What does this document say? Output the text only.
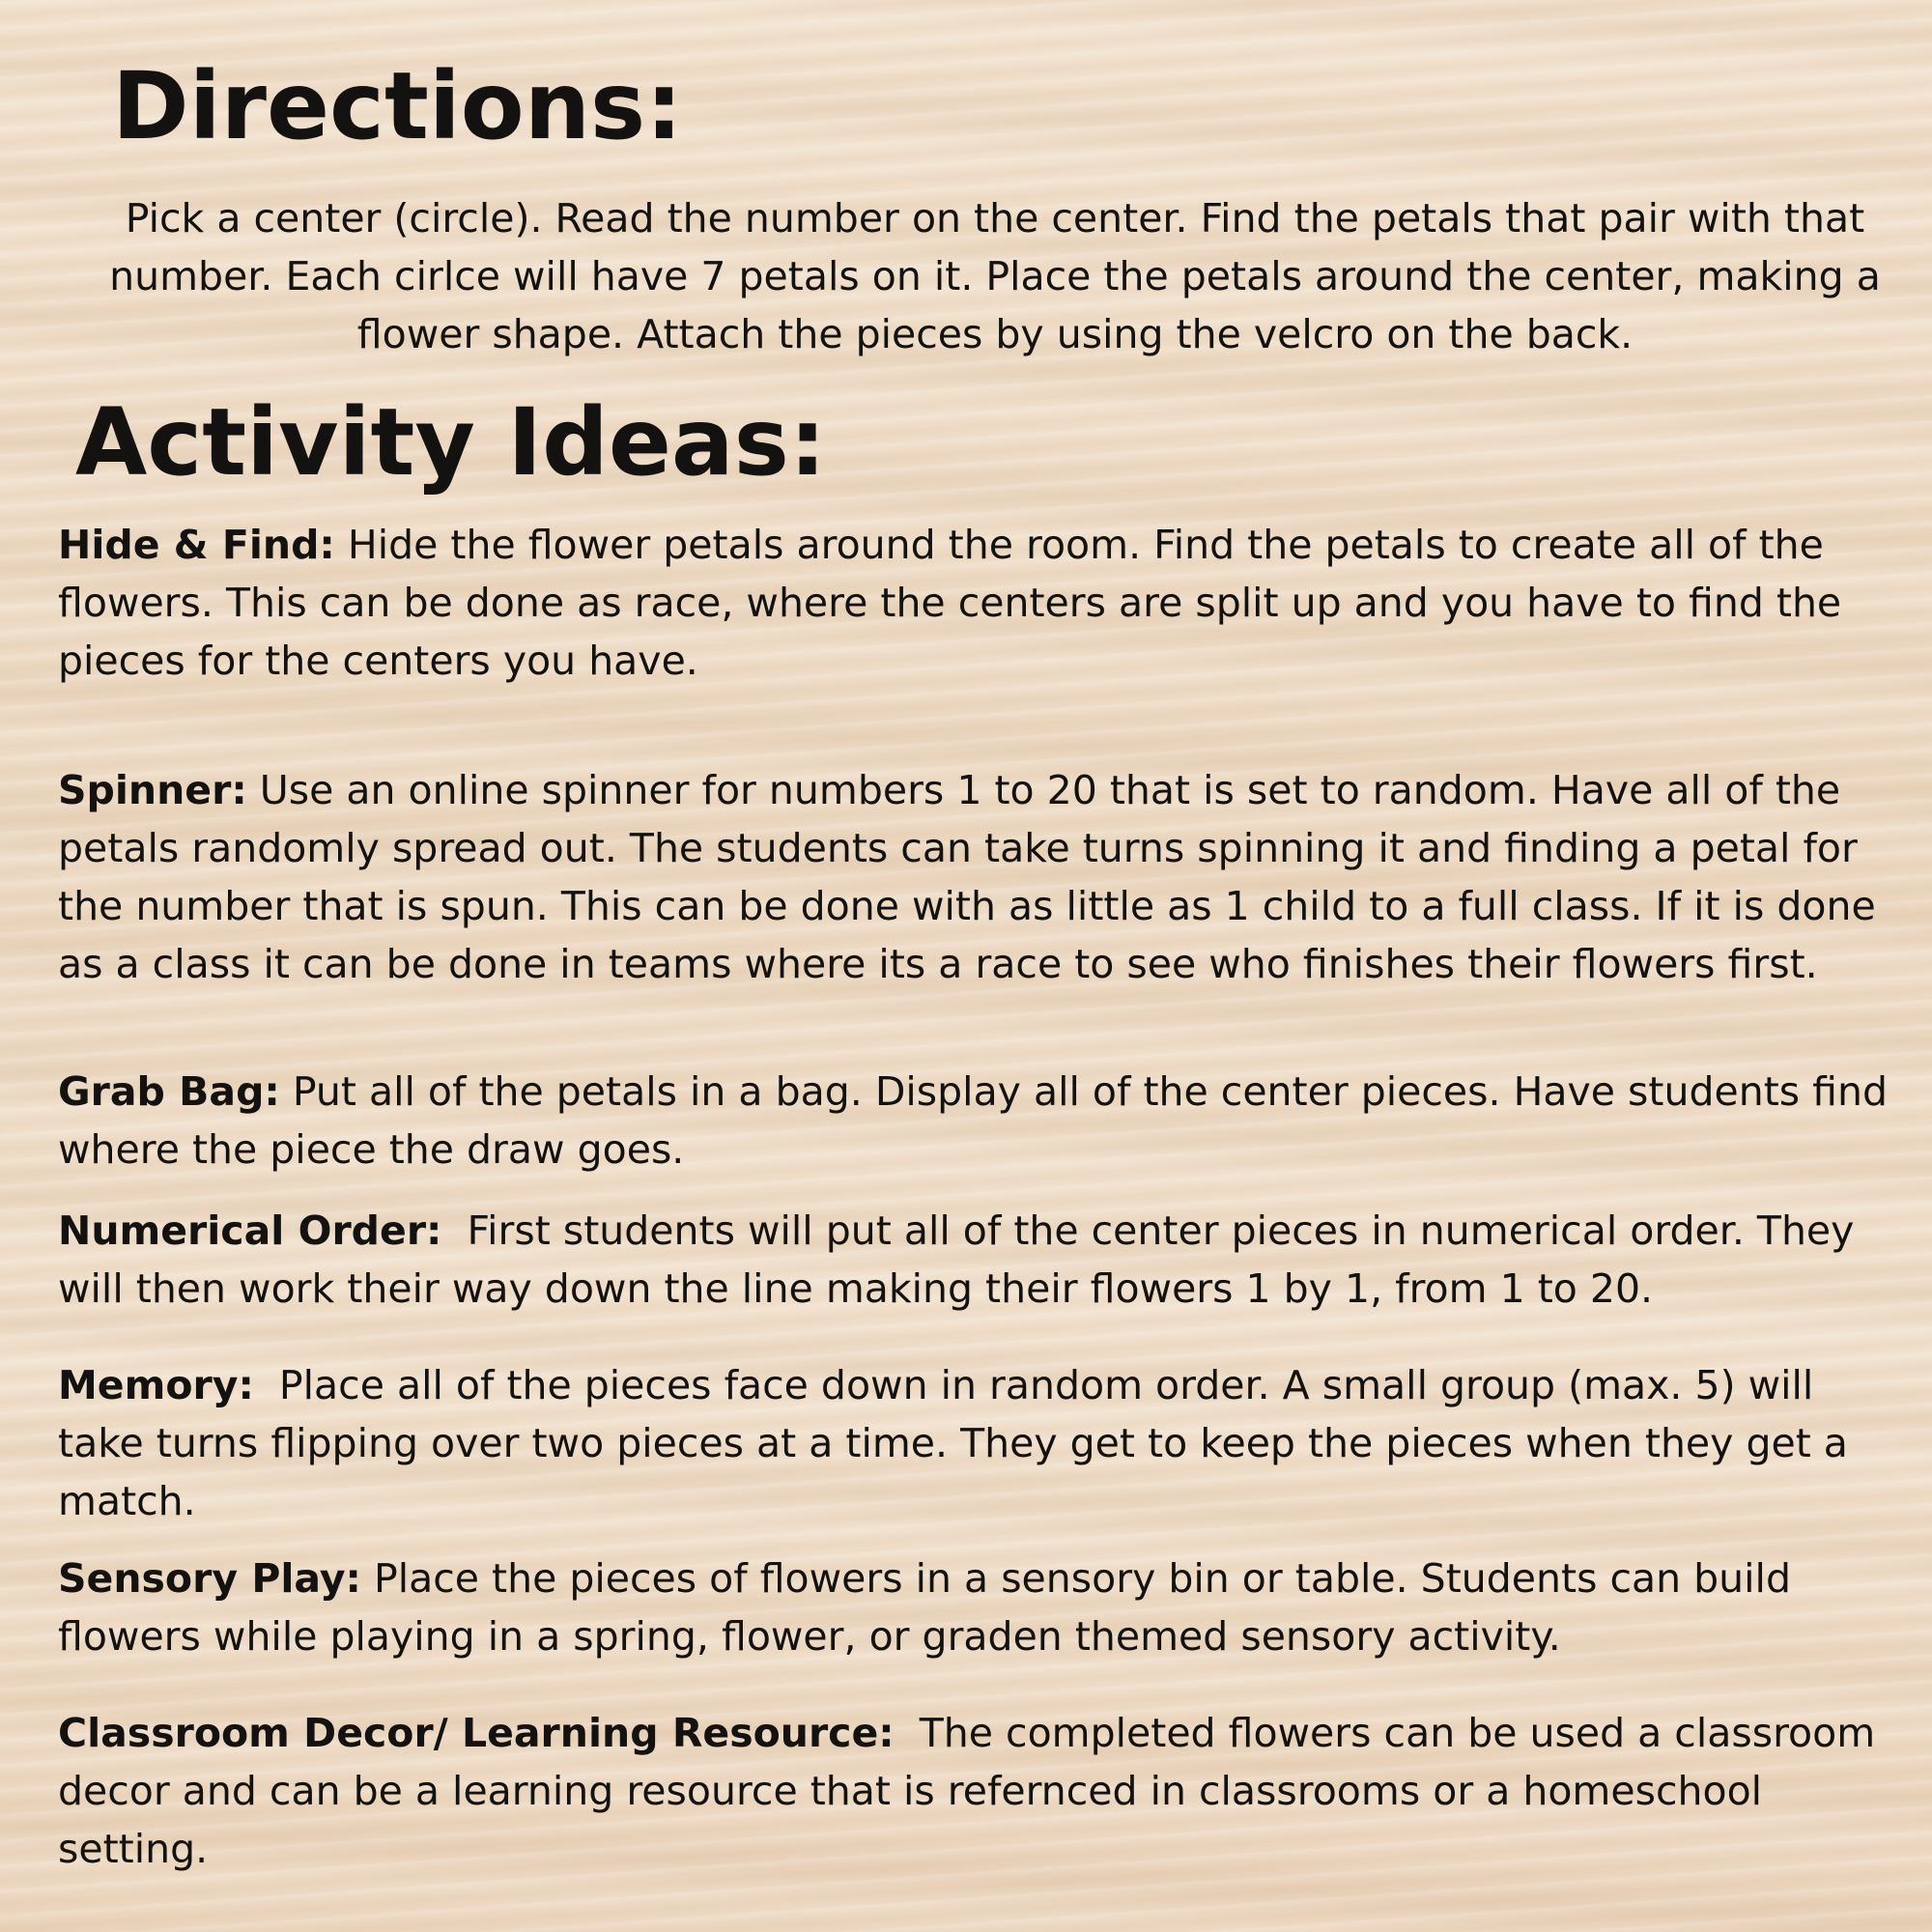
Directions:

Pick a center (circle). Read the number on the center. Find the petals that pair with that number. Each cirlce will have 7 petals on it. Place the petals around the center, making a flower shape. Attach the pieces by using the velcro on the back.

Activity Ideas:

Hide & Find: Hide the flower petals around the room. Find the petals to create all of the flowers. This can be done as race, where the centers are split up and you have to find the pieces for the centers you have.

Spinner: Use an online spinner for numbers 1 to 20 that is set to random. Have all of the petals randomly spread out. The students can take turns spinning it and finding a petal for the number that is spun. This can be done with as little as 1 child to a full class. If it is done as a class it can be done in teams where its a race to see who finishes their flowers first.

Grab Bag: Put all of the petals in a bag. Display all of the center pieces. Have students find where the piece the draw goes.

Numerical Order: First students will put all of the center pieces in numerical order. They will then work their way down the line making their flowers 1 by 1, from 1 to 20.

Memory: Place all of the pieces face down in random order. A small group (max. 5) will take turns flipping over two pieces at a time. They get to keep the pieces when they get a match.

Sensory Play: Place the pieces of flowers in a sensory bin or table. Students can build flowers while playing in a spring, flower, or graden themed sensory activity.

Classroom Decor/ Learning Resource: The completed flowers can be used a classroom decor and can be a learning resource that is refernced in classrooms or a homeschool setting.
